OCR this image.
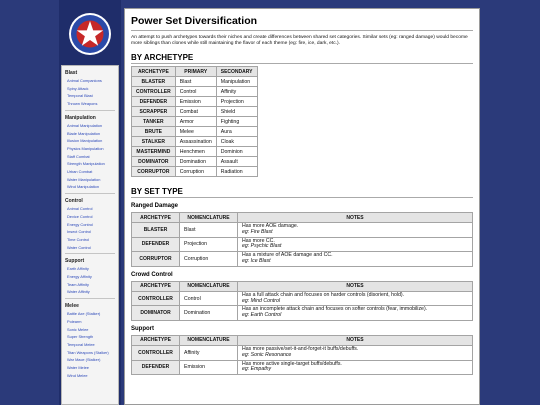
Blast
Animal Companions
Spiny Attack
Temporal Blast
Thrown Weapons
Manipulation
Animal Manipulation
Blade Manipulation
Illusion Manipulation
Physics Manipulation
Staff Combat
Strength Manipulation
Urban Combat
Water Manipulation
Wind Manipulation
Control
Animal Control
Device Control
Energy Control
Insect Control
Time Control
Water Control
Support
Earth Affinity
Energy Affinity
Team Affinity
Water Affinity
Melee
Battle Axe (Stalker)
Polearm
Sonic Melee
Super Strength
Temporal Melee
Titan Weapons (Stalker)
War Mace (Stalker)
Water Melee
Wind Melee
Power Set Diversification

An attempt to push archetypes towards their niches and create differences between shared set categories. Similar sets (eg: ranged damage) would become more siblings than clones while still maintaining the flavor of each theme (eg: fire, ice, dark, etc.).

BY ARCHETYPE
ARCHETYPE	PRIMARY	SECONDARY
BLASTER	Blast	Manipulation
CONTROLLER	Control	Affinity
DEFENDER	Emission	Projection
SCRAPPER	Combat	Shield
TANKER	Armor	Fighting
BRUTE	Melee	Aura
STALKER	Assassination	Cloak
MASTERMIND	Henchmen	Dominion
DOMINATOR	Domination	Assault
CORRUPTOR	Corruption	Radiation
BY SET TYPE
Ranged Damage
ARCHETYPE	NOMENCLATURE	NOTES
BLASTER	Blast	Has more AOE damage.
eg: Fire Blast

DEFENDER	Projection	Has more CC.
eg: Psychic Blast

CORRUPTOR	Corruption	Has a mixture of AOE damage and CC.
eg: Ice Blast
Crowd Control
ARCHETYPE	NOMENCLATURE	NOTES
CONTROLLER	Control	Has a full attack chain and focuses on harder controls (disorient, hold).
eg: Mind Control

DOMINATOR	Domination	Has an incomplete attack chain and focuses on softer controls (fear, immobilize).
eg: Earth Control
Support
ARCHETYPE	NOMENCLATURE	NOTES
CONTROLLER	Affinity	Has more passive/set-it-and-forget-it buffs/debuffs.
eg: Sonic Resonance

DEFENDER	Emission	Has more active single-target buffs/debuffs.
eg: Empathy
